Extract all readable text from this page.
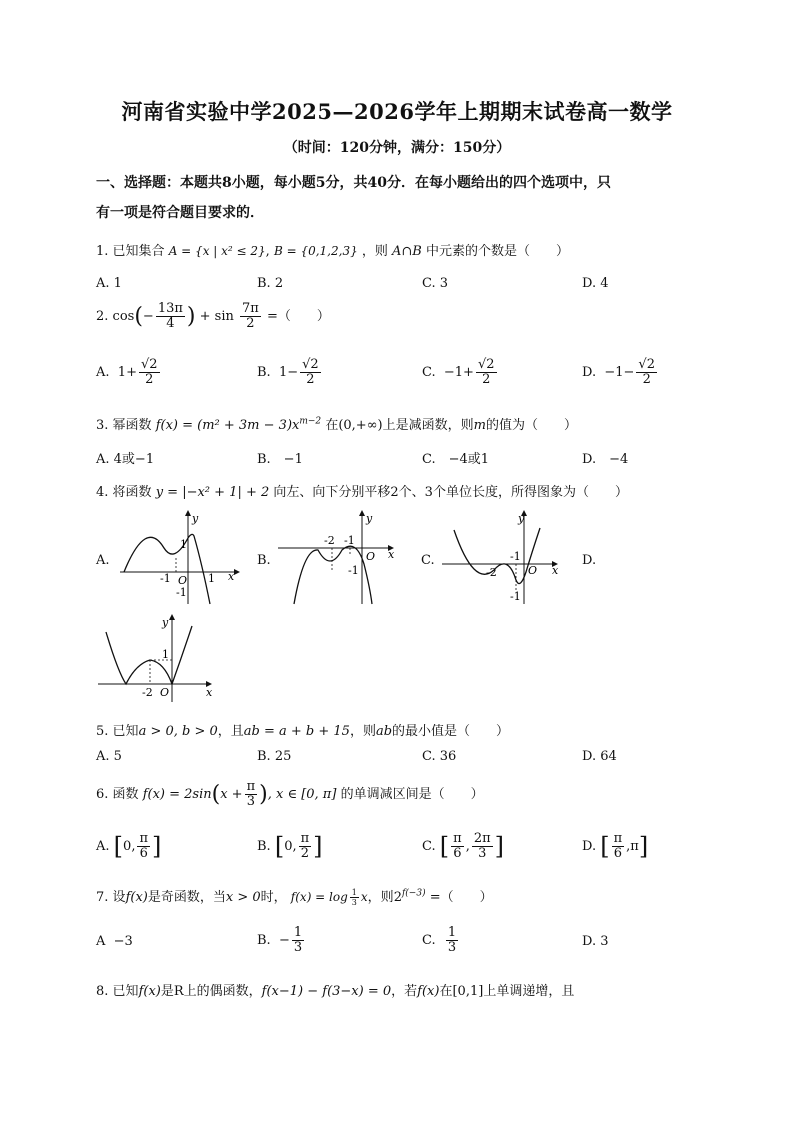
河南省实验中学2025—2026学年上期期末试卷高一数学
（时间：120分钟，满分：150分）
一、选择题：本题共8小题，每小题5分，共40分．在每小题给出的四个选项中，只
有一项是符合题目要求的．
1. 已知集合 A = {x | x² ≤ 2}, B = {0,1,2,3} ，则 A∩B 中元素的个数是（　　）
A. 1	B. 2	C. 3	D. 4
2. $\cos(- \frac{13\pi}{4}$ ) + $\sin \frac{7\pi}{2}$ =（　　）
A. $1+ \frac{√2}{2}$	B. $1- \frac{√2}{2}$	C. $-1+ \frac{√2}{2}$	D. $-1- \frac{√2}{2}$
3. 幂函数 $f(x) = (m^2 + 3m - 3)x^{m-2}$ 在(0,+∞)上是减函数，则m的值为（　　）
A. 4或−1	B.　−1	C.　−4或1	D.　−4
4. 将函数 y = |−x² + 1| + 2 向左、向下分别平移2个、3个单位长度，所得图象为（　　）
A.	B.	C.	D.
y
x
O
1
-1
-1
1
y
x
O
-2 -1
-1
y
x
O
-1
-2
-1
y
x
O
1
-2
5. 已知a > 0, b > 0，且ab = a + b + 15，则ab的最小值是（　　）
A. 5	B. 25	C. 36	D. 64
6. 函数 $f(x) = 2\sin(x + \frac{\pi}{3}$ ), x ∈ [0, π] 的单调减区间是（　　）
A. [0, $\frac{\pi}{6}$ ]	B. [0, $\frac{\pi}{2}$ ]	C. [ $\frac{\pi}{6}$ , $\frac{2\pi}{3}$ ]	D. [ $\frac{\pi}{6} ,\pi$]
7. 设f(x)是奇函数，当x > 0时， $f(x) = \log \frac{1}{3}$ x，则$2^{f(-3)}$ =（　　）
A −3	B. − $\frac{1}{3}$	C. $\frac{1}{3}$	D. 3
8. 已知f(x)是R上的偶函数，f(x−1) − f(3−x) = 0，若f(x)在[0,1]上单调递增，且
